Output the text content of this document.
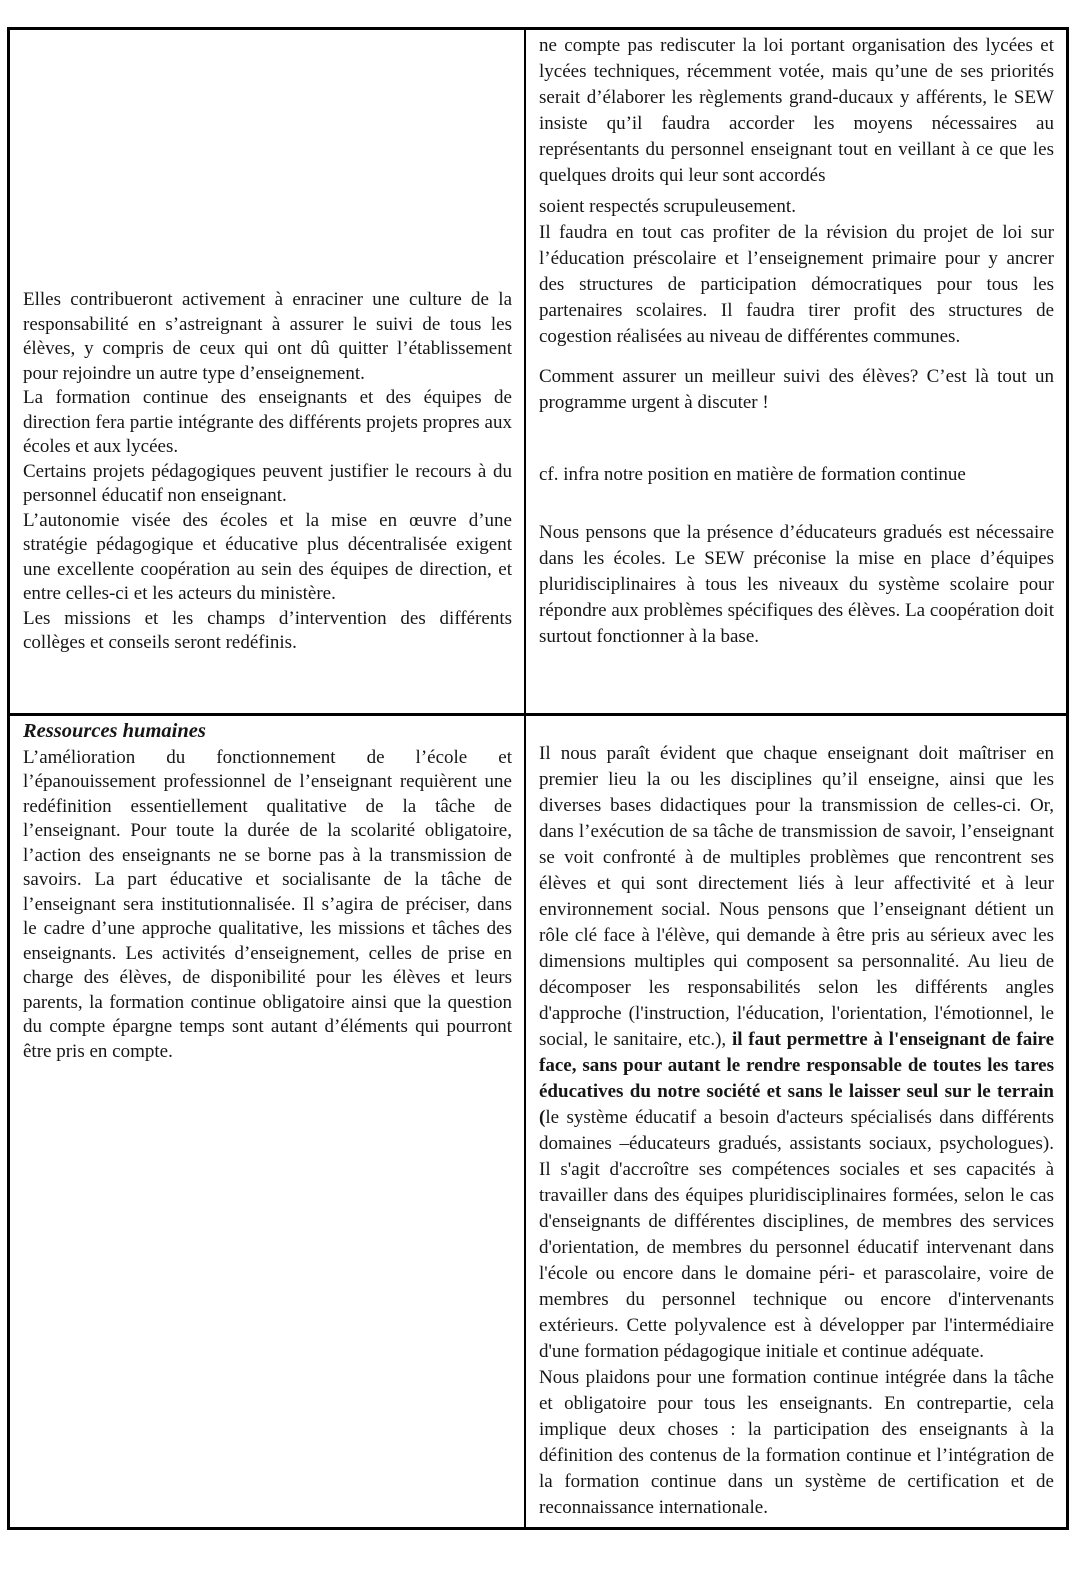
Elles contribueront activement à enraciner une culture de la responsabilité en s’astreignant à assurer le suivi de tous les élèves, y compris de ceux qui ont dû quitter l’établissement pour rejoindre un autre type d’enseignement.

La formation continue des enseignants et des équipes de direction fera partie intégrante des différents projets propres aux écoles et aux lycées.

Certains projets pédagogiques peuvent justifier le recours à du personnel éducatif non enseignant.

L’autonomie visée des écoles et la mise en œuvre d’une stratégie pédagogique et éducative plus décentralisée exigent une excellente coopération au sein des équipes de direction, et entre celles-ci et les acteurs du ministère.

Les missions et les champs d’intervention des différents collèges et conseils seront redéfinis.

ne compte pas rediscuter la loi portant organisation des lycées et lycées techniques, récemment votée, mais qu’une de ses priorités serait d’élaborer les règlements grand-ducaux y afférents, le SEW insiste qu’il faudra accorder les moyens nécessaires au représentants du personnel enseignant tout en veillant à ce que les quelques droits qui leur sont accordés

soient respectés scrupuleusement.

Il faudra en tout cas profiter de la révision du projet de loi sur l’éducation préscolaire et l’enseignement primaire pour y ancrer des structures de participation démocratiques pour tous les partenaires scolaires. Il faudra tirer profit des structures de cogestion réalisées au niveau de différentes communes.

Comment assurer un meilleur suivi des élèves? C’est là tout un programme urgent à discuter !

cf. infra notre position en matière de formation continue

Nous pensons que la présence d’éducateurs gradués est nécessaire dans les écoles. Le SEW préconise la mise en place d’équipes pluridisciplinaires à tous les niveaux du système scolaire pour répondre aux problèmes spécifiques des élèves. La coopération doit surtout fonctionner à la base.

Ressources humaines

L’amélioration du fonctionnement de l’école et l’épanouissement professionnel de l’enseignant requièrent une redéfinition essentiellement qualitative de la tâche de l’enseignant. Pour toute la durée de la scolarité obligatoire, l’action des enseignants ne se borne pas à la transmission de savoirs. La part éducative et socialisante de la tâche de l’enseignant sera institutionnalisée. Il s’agira de préciser, dans le cadre d’une approche qualitative, les missions et tâches des enseignants. Les activités d’enseignement, celles de prise en charge des élèves, de disponibilité pour les élèves et leurs parents, la formation continue obligatoire ainsi que la question du compte épargne temps sont autant d’éléments qui pourront être pris en compte.

Il nous paraît évident que chaque enseignant doit maîtriser en premier lieu la ou les disciplines qu’il enseigne, ainsi que les diverses bases didactiques pour la transmission de celles-ci. Or, dans l’exécution de sa tâche de transmission de savoir, l’enseignant se voit confronté à de multiples problèmes que rencontrent ses élèves et qui sont directement liés à leur affectivité et à leur environnement social. Nous pensons que l’enseignant détient un rôle clé face à l'élève, qui demande à être pris au sérieux avec les dimensions multiples qui composent sa personnalité. Au lieu de décomposer les responsabilités selon les différents angles d'approche (l'instruction, l'éducation, l'orientation, l'émotionnel, le social, le sanitaire, etc.), il faut permettre à l'enseignant de faire face, sans pour autant le rendre responsable de toutes les tares éducatives du notre société et sans le laisser seul sur le terrain (le système éducatif a besoin d'acteurs spécialisés dans différents domaines –éducateurs gradués, assistants sociaux, psychologues). Il s'agit d'accroître ses compétences sociales et ses capacités à travailler dans des équipes pluridisciplinaires formées, selon le cas d'enseignants de différentes disciplines, de membres des services d'orientation, de membres du personnel éducatif intervenant dans l'école ou encore dans le domaine péri- et parascolaire, voire de membres du personnel technique ou encore d'intervenants extérieurs. Cette polyvalence est à développer par l'intermédiaire d'une formation pédagogique initiale et continue adéquate.

Nous plaidons pour une formation continue intégrée dans la tâche et obligatoire pour tous les enseignants. En contrepartie, cela implique deux choses : la participation des enseignants à la définition des contenus de la formation continue et l’intégration de la formation continue dans un système de certification et de reconnaissance internationale.
